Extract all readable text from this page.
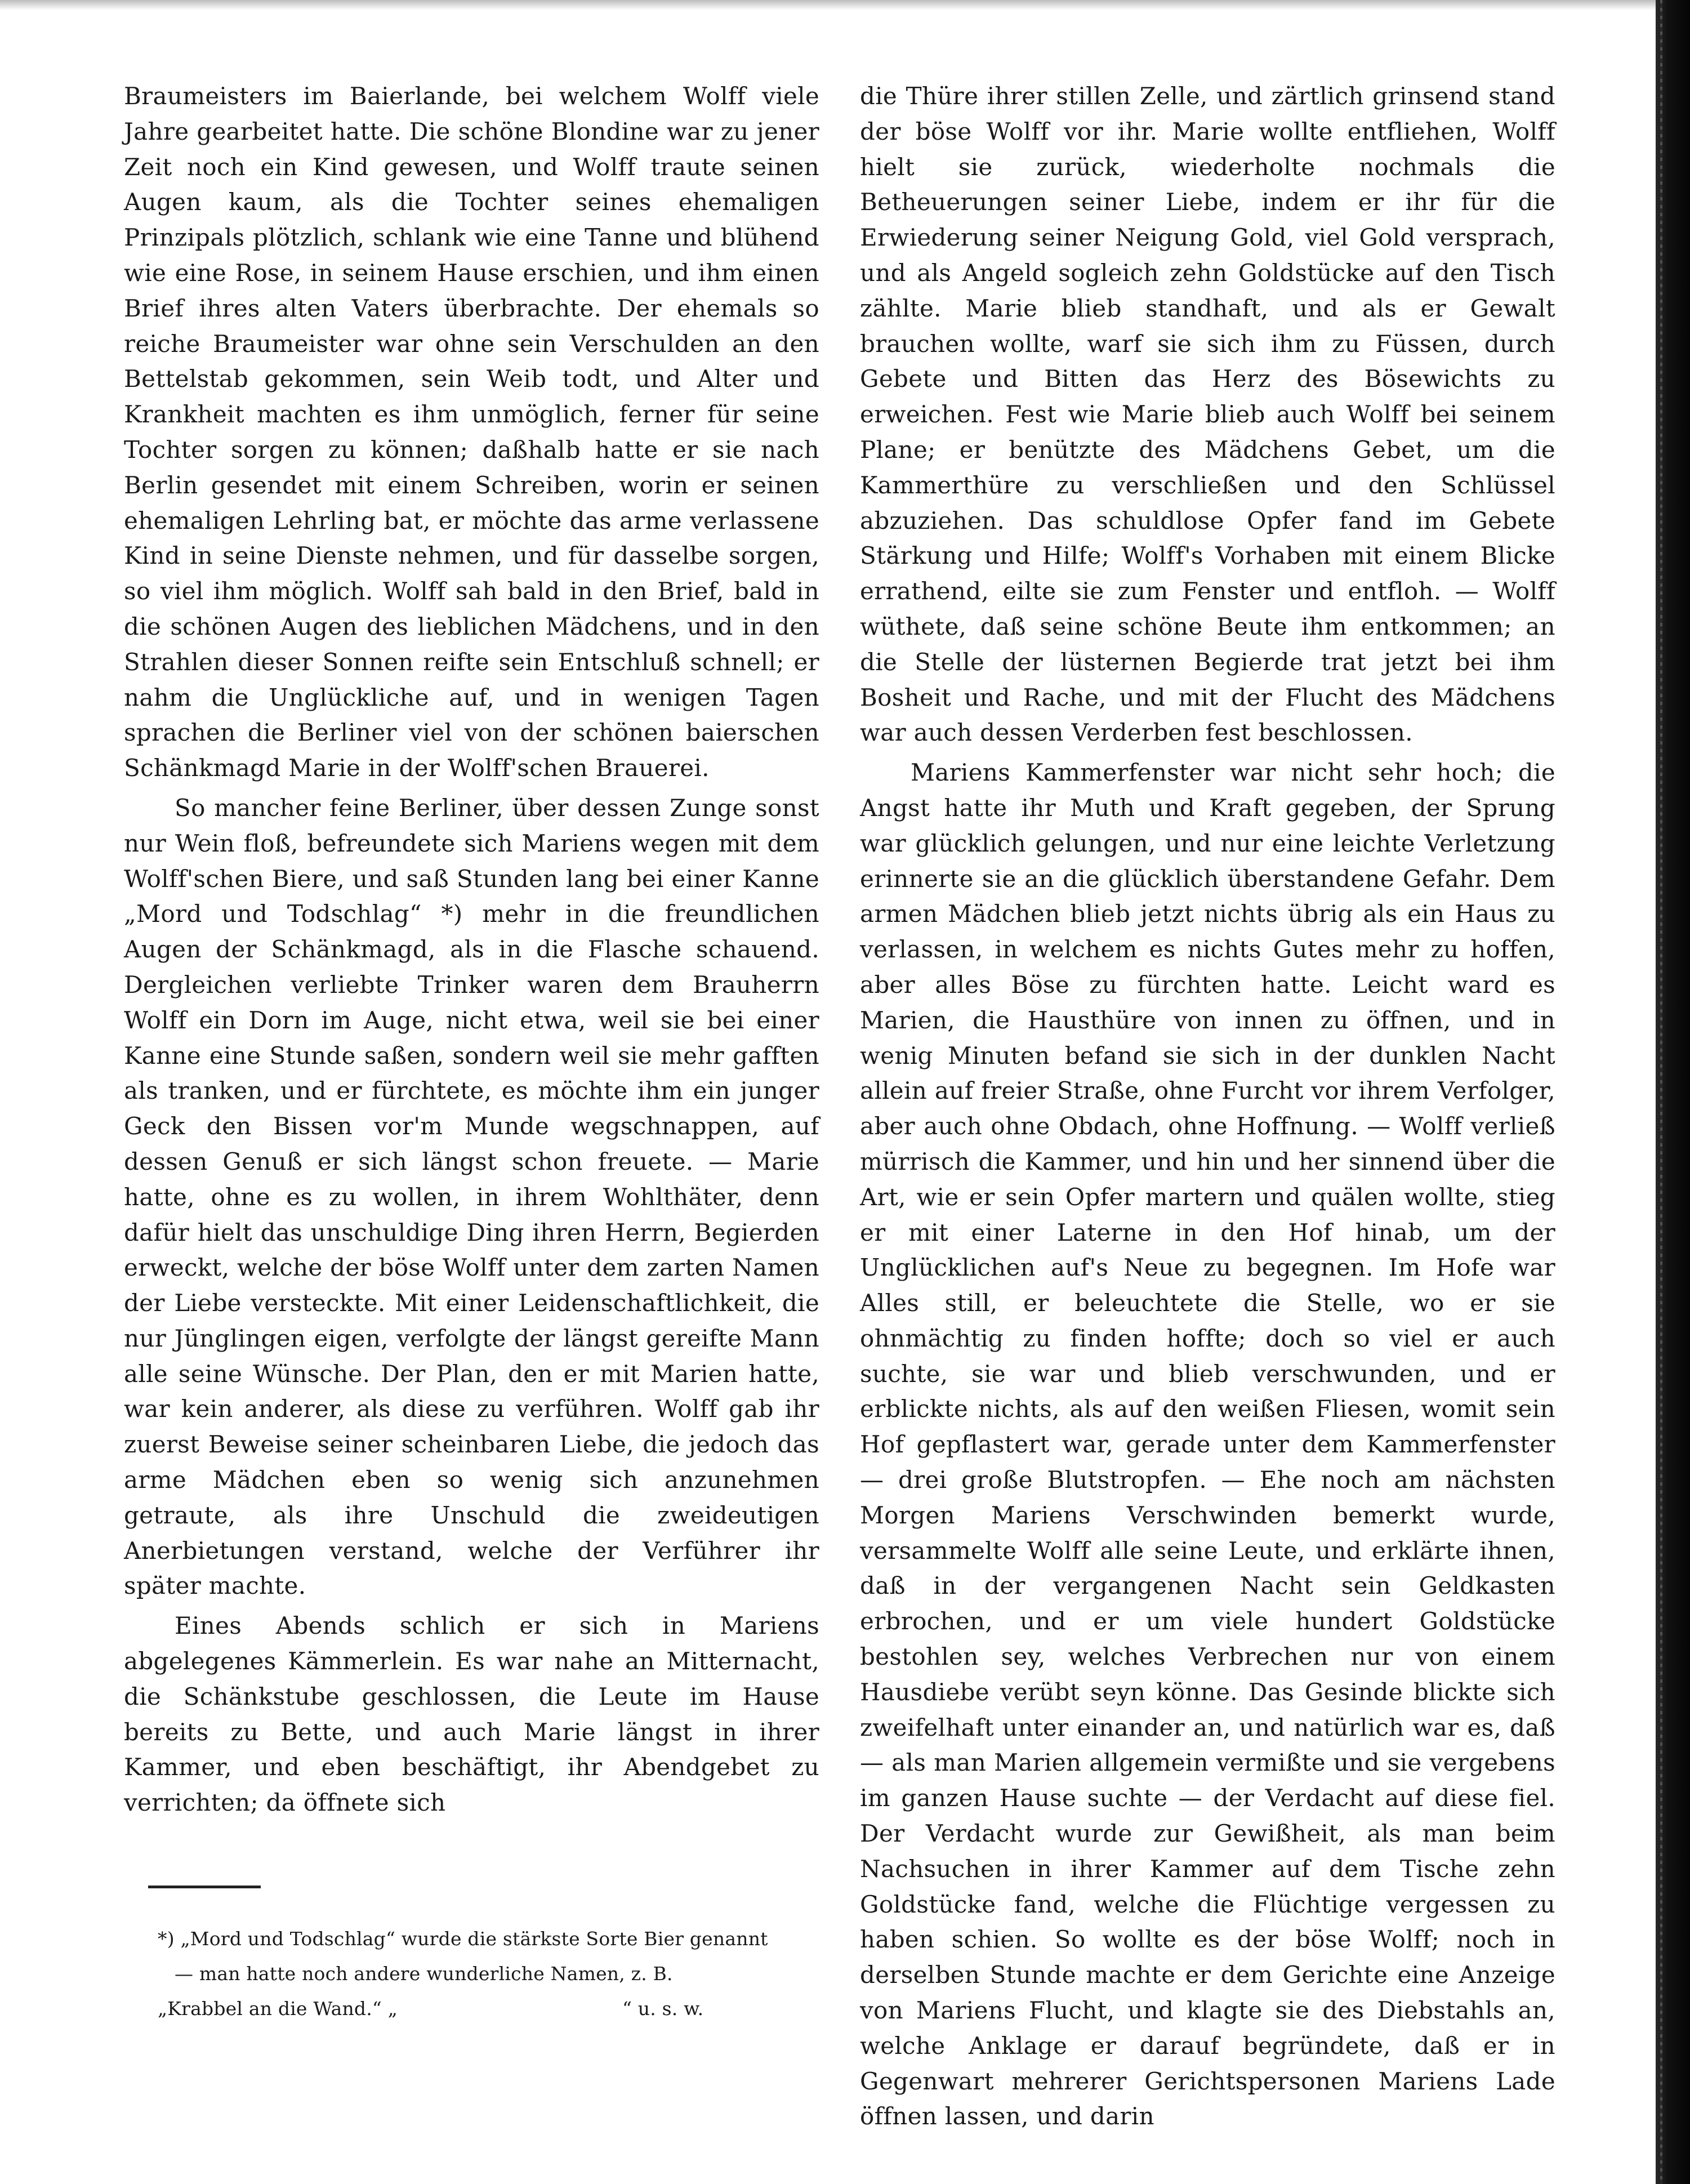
Braumeisters im Baierlande, bei welchem Wolff viele Jahre gearbeitet hatte. Die schöne Blondine war zu jener Zeit noch ein Kind gewesen, und Wolff traute seinen Augen kaum, als die Tochter seines ehemaligen Prinzipals plötzlich, schlank wie eine Tanne und blühend wie eine Rose, in seinem Hause erschien, und ihm einen Brief ihres alten Vaters überbrachte. Der ehemals so reiche Braumeister war ohne sein Verschulden an den Bettelstab gekommen, sein Weib todt, und Alter und Krankheit machten es ihm unmöglich, ferner für seine Tochter sorgen zu können; daßhalb hatte er sie nach Berlin gesendet mit einem Schreiben, worin er seinen ehemaligen Lehrling bat, er möchte das arme verlassene Kind in seine Dienste nehmen, und für dasselbe sorgen, so viel ihm möglich. Wolff sah bald in den Brief, bald in die schönen Augen des lieblichen Mädchens, und in den Strahlen dieser Sonnen reifte sein Entschluß schnell; er nahm die Unglückliche auf, und in wenigen Tagen sprachen die Berliner viel von der schönen baierschen Schänkmagd Marie in der Wolff'schen Brauerei.

So mancher feine Berliner, über dessen Zunge sonst nur Wein floß, befreundete sich Mariens wegen mit dem Wolff'schen Biere, und saß Stunden lang bei einer Kanne „Mord und Todschlag“ *) mehr in die freundlichen Augen der Schänkmagd, als in die Flasche schauend. Dergleichen verliebte Trinker waren dem Brauherrn Wolff ein Dorn im Auge, nicht etwa, weil sie bei einer Kanne eine Stunde saßen, sondern weil sie mehr gafften als tranken, und er fürchtete, es möchte ihm ein junger Geck den Bissen vor'm Munde wegschnappen, auf dessen Genuß er sich längst schon freuete. — Marie hatte, ohne es zu wollen, in ihrem Wohlthäter, denn dafür hielt das unschuldige Ding ihren Herrn, Begierden erweckt, welche der böse Wolff unter dem zarten Namen der Liebe versteckte. Mit einer Leidenschaftlichkeit, die nur Jünglingen eigen, verfolgte der längst gereifte Mann alle seine Wünsche. Der Plan, den er mit Marien hatte, war kein anderer, als diese zu verführen. Wolff gab ihr zuerst Beweise seiner scheinbaren Liebe, die jedoch das arme Mädchen eben so wenig sich anzunehmen getraute, als ihre Unschuld die zweideutigen Anerbietungen verstand, welche der Verführer ihr später machte.

Eines Abends schlich er sich in Mariens abgelegenes Kämmerlein. Es war nahe an Mitternacht, die Schänkstube geschlossen, die Leute im Hause bereits zu Bette, und auch Marie längst in ihrer Kammer, und eben beschäftigt, ihr Abendgebet zu verrichten; da öffnete sich

die Thüre ihrer stillen Zelle, und zärtlich grinsend stand der böse Wolff vor ihr. Marie wollte entfliehen, Wolff hielt sie zurück, wiederholte nochmals die Betheuerungen seiner Liebe, indem er ihr für die Erwiederung seiner Neigung Gold, viel Gold versprach, und als Angeld sogleich zehn Goldstücke auf den Tisch zählte. Marie blieb standhaft, und als er Gewalt brauchen wollte, warf sie sich ihm zu Füssen, durch Gebete und Bitten das Herz des Bösewichts zu erweichen. Fest wie Marie blieb auch Wolff bei seinem Plane; er benützte des Mädchens Gebet, um die Kammerthüre zu verschließen und den Schlüssel abzuziehen. Das schuldlose Opfer fand im Gebete Stärkung und Hilfe; Wolff's Vorhaben mit einem Blicke errathend, eilte sie zum Fenster und entfloh. — Wolff wüthete, daß seine schöne Beute ihm entkommen; an die Stelle der lüsternen Begierde trat jetzt bei ihm Bosheit und Rache, und mit der Flucht des Mädchens war auch dessen Verderben fest beschlossen.

Mariens Kammerfenster war nicht sehr hoch; die Angst hatte ihr Muth und Kraft gegeben, der Sprung war glücklich gelungen, und nur eine leichte Verletzung erinnerte sie an die glücklich überstandene Gefahr. Dem armen Mädchen blieb jetzt nichts übrig als ein Haus zu verlassen, in welchem es nichts Gutes mehr zu hoffen, aber alles Böse zu fürchten hatte. Leicht ward es Marien, die Hausthüre von innen zu öffnen, und in wenig Minuten befand sie sich in der dunklen Nacht allein auf freier Straße, ohne Furcht vor ihrem Verfolger, aber auch ohne Obdach, ohne Hoffnung. — Wolff verließ mürrisch die Kammer, und hin und her sinnend über die Art, wie er sein Opfer martern und quälen wollte, stieg er mit einer Laterne in den Hof hinab, um der Unglücklichen auf's Neue zu begegnen. Im Hofe war Alles still, er beleuchtete die Stelle, wo er sie ohnmächtig zu finden hoffte; doch so viel er auch suchte, sie war und blieb verschwunden, und er erblickte nichts, als auf den weißen Fliesen, womit sein Hof gepflastert war, gerade unter dem Kammerfenster — drei große Blutstropfen. — Ehe noch am nächsten Morgen Mariens Verschwinden bemerkt wurde, versammelte Wolff alle seine Leute, und erklärte ihnen, daß in der vergangenen Nacht sein Geldkasten erbrochen, und er um viele hundert Goldstücke bestohlen sey, welches Verbrechen nur von einem Hausdiebe verübt seyn könne. Das Gesinde blickte sich zweifelhaft unter einander an, und natürlich war es, daß — als man Marien allgemein vermißte und sie vergebens im ganzen Hause suchte — der Verdacht auf diese fiel. Der Verdacht wurde zur Gewißheit, als man beim Nachsuchen in ihrer Kammer auf dem Tische zehn Goldstücke fand, welche die Flüchtige vergessen zu haben schien. So wollte es der böse Wolff; noch in derselben Stunde machte er dem Gerichte eine Anzeige von Mariens Flucht, und klagte sie des Diebstahls an, welche Anklage er darauf begründete, daß er in Gegenwart mehrerer Gerichtspersonen Mariens Lade öffnen lassen, und darin

*) „Mord und Todschlag“ wurde die stärkste Sorte Bier genannt
— man hatte noch andere wunderliche Namen, z. B.
„Krabbel an die Wand.“ „	“ u. s. w.
